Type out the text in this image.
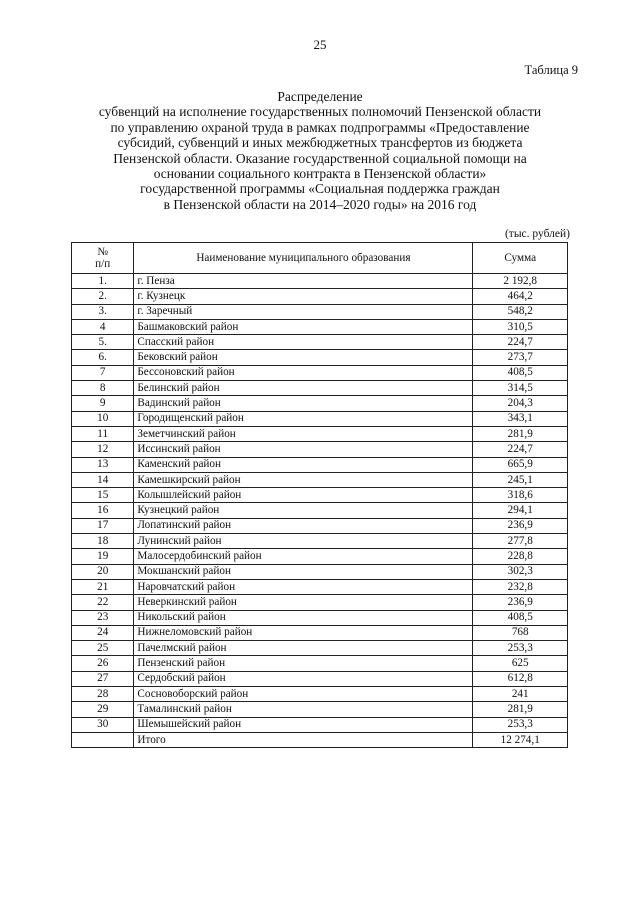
25
Таблица 9
Распределение
субвенций на исполнение государственных полномочий Пензенской области
по управлению охраной труда в рамках подпрограммы «Предоставление
субсидий, субвенций и иных межбюджетных трансфертов из бюджета
Пензенской области. Оказание государственной социальной помощи на
основании социального контракта в Пензенской области»
государственной программы «Социальная поддержка граждан
в Пензенской области на 2014–2020 годы» на 2016 год
(тыс. рублей)
№
п/п	Наименование муниципального образования	Сумма
1.	г. Пенза	2 192,8
2.	г. Кузнецк	464,2
3.	г. Заречный	548,2
4	Башмаковский район	310,5
5.	Спасский район	224,7
6.	Бековский район	273,7
7	Бессоновский район	408,5
8	Белинский район	314,5
9	Вадинский район	204,3
10	Городищенский район	343,1
11	Земетчинский район	281,9
12	Иссинский район	224,7
13	Каменский район	665,9
14	Камешкирский район	245,1
15	Колышлейский район	318,6
16	Кузнецкий район	294,1
17	Лопатинский район	236,9
18	Лунинский район	277,8
19	Малосердобинский район	228,8
20	Мокшанский район	302,3
21	Наровчатский район	232,8
22	Неверкинский район	236,9
23	Никольский район	408,5
24	Нижнеломовский район	768
25	Пачелмский район	253,3
26	Пензенский район	625
27	Сердобский район	612,8
28	Сосновоборский район	241
29	Тамалинский район	281,9
30	Шемышейский район	253,3
	Итого	12 274,1
